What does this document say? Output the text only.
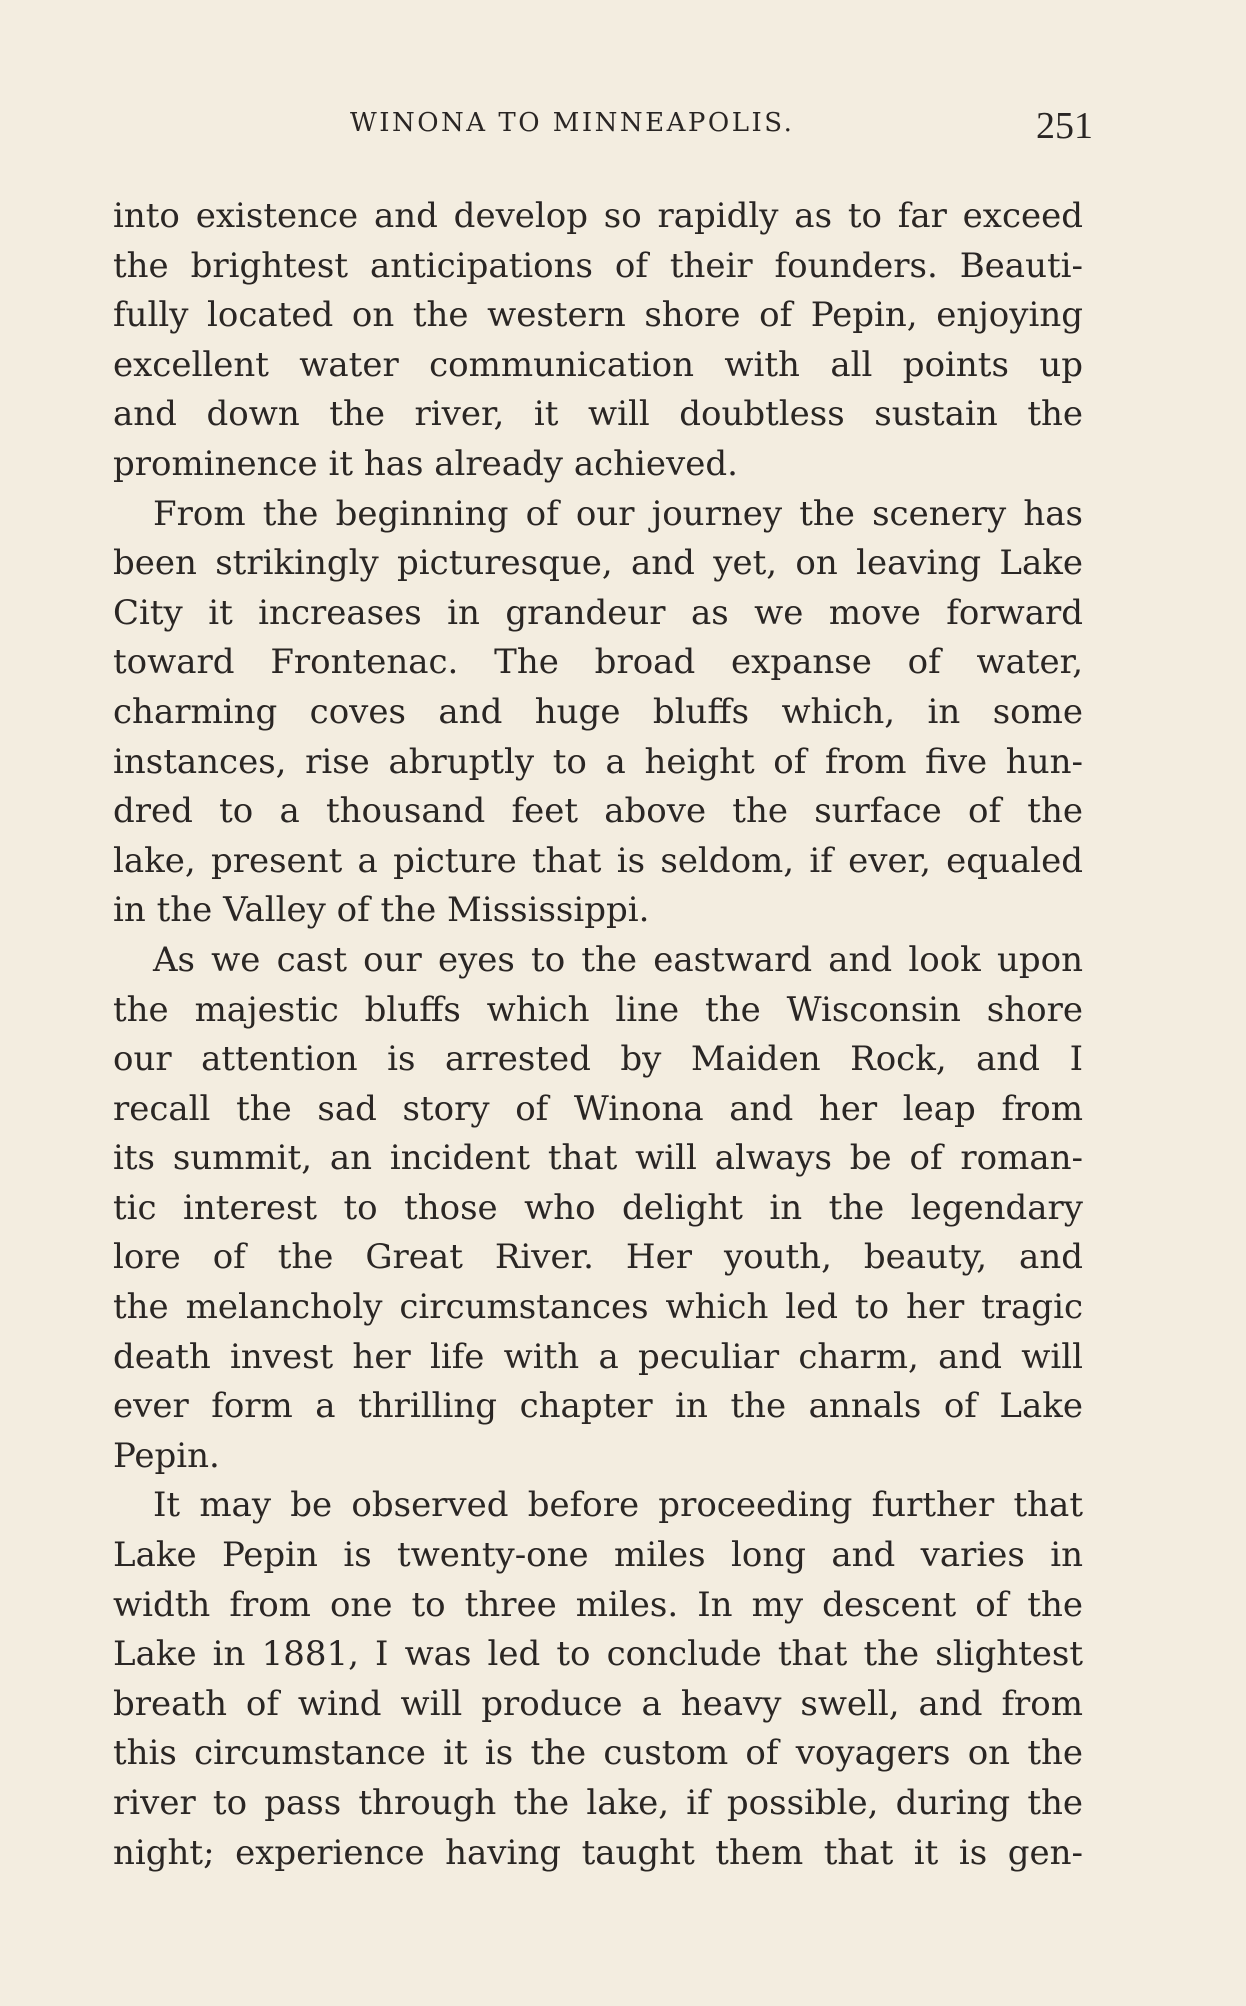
WINONA TO MINNEAPOLIS.	251
into existence and develop so rapidly as to far exceed
the brightest anticipations of their founders. Beauti-
fully located on the western shore of Pepin, enjoying
excellent water communication with all points up
and down the river, it will doubtless sustain the
prominence it has already achieved.
From the beginning of our journey the scenery has
been strikingly picturesque, and yet, on leaving Lake
City it increases in grandeur as we move forward
toward Frontenac. The broad expanse of water,
charming coves and huge bluffs which, in some
instances, rise abruptly to a height of from five hun-
dred to a thousand feet above the surface of the
lake, present a picture that is seldom, if ever, equaled
in the Valley of the Mississippi.
As we cast our eyes to the eastward and look upon
the majestic bluffs which line the Wisconsin shore
our attention is arrested by Maiden Rock, and I
recall the sad story of Winona and her leap from
its summit, an incident that will always be of roman-
tic interest to those who delight in the legendary
lore of the Great River. Her youth, beauty, and
the melancholy circumstances which led to her tragic
death invest her life with a peculiar charm, and will
ever form a thrilling chapter in the annals of Lake
Pepin.
It may be observed before proceeding further that
Lake Pepin is twenty-one miles long and varies in
width from one to three miles. In my descent of the
Lake in 1881, I was led to conclude that the slightest
breath of wind will produce a heavy swell, and from
this circumstance it is the custom of voyagers on the
river to pass through the lake, if possible, during the
night; experience having taught them that it is gen-
